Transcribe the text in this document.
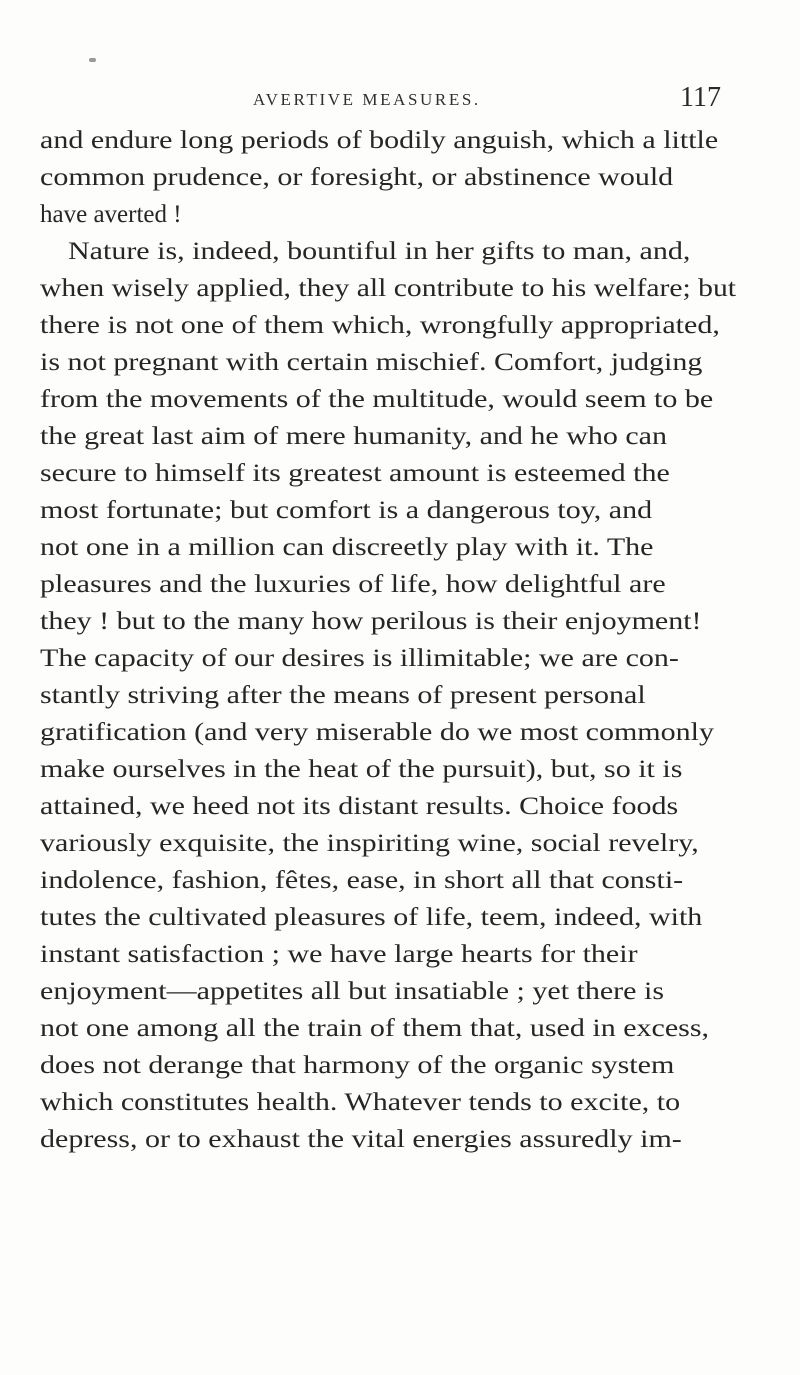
AVERTIVE MEASURES.	117
and endure long periods of bodily anguish, which a little
common prudence, or foresight, or abstinence would
have averted !
Nature is, indeed, bountiful in her gifts to man, and,
when wisely applied, they all contribute to his welfare; but
there is not one of them which, wrongfully appropriated,
is not pregnant with certain mischief. Comfort, judging
from the movements of the multitude, would seem to be
the great last aim of mere humanity, and he who can
secure to himself its greatest amount is esteemed the
most fortunate; but comfort is a dangerous toy, and
not one in a million can discreetly play with it. The
pleasures and the luxuries of life, how delightful are
they ! but to the many how perilous is their enjoyment!
The capacity of our desires is illimitable; we are con-
stantly striving after the means of present personal
gratification (and very miserable do we most commonly
make ourselves in the heat of the pursuit), but, so it is
attained, we heed not its distant results. Choice foods
variously exquisite, the inspiriting wine, social revelry,
indolence, fashion, fêtes, ease, in short all that consti-
tutes the cultivated pleasures of life, teem, indeed, with
instant satisfaction ; we have large hearts for their
enjoyment—appetites all but insatiable ; yet there is
not one among all the train of them that, used in excess,
does not derange that harmony of the organic system
which constitutes health. Whatever tends to excite, to
depress, or to exhaust the vital energies assuredly im-
